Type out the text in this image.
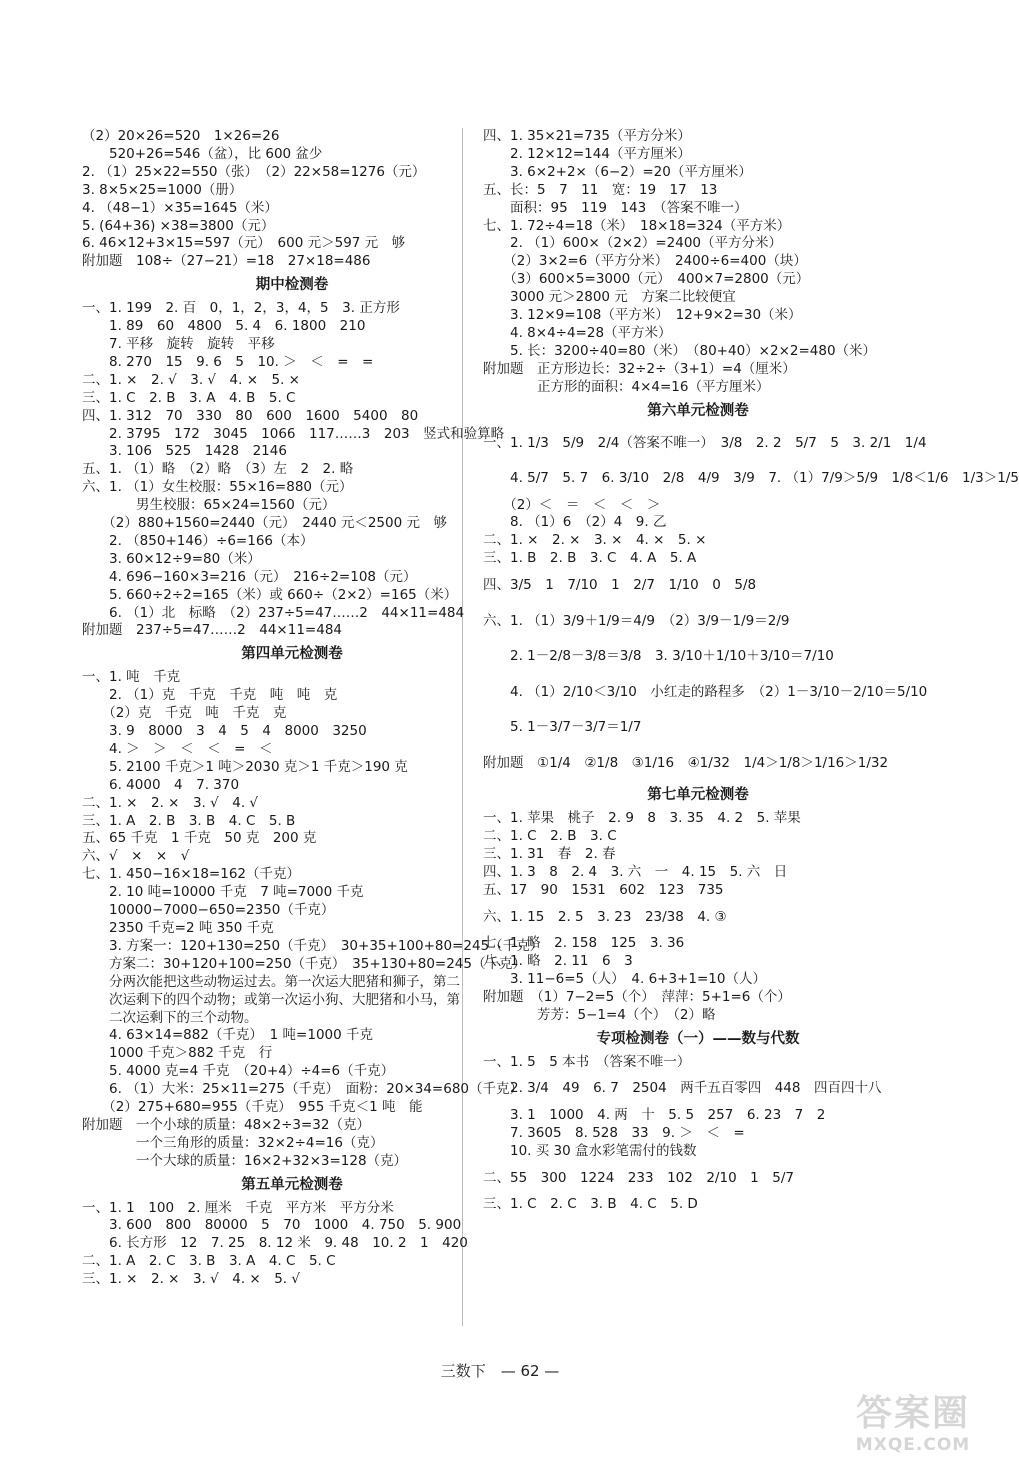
（2）20×26=520　1×26=26
　　520+26=546（盆），比 600 盆少
2. （1）25×22=550（张）　（2）22×58=1276（元）
3. 8×5×25=1000（册）
4. （48−1）×35=1645（米）
5. (64+36) ×38=3800（元）
6. 46×12+3×15=597（元）　600 元＞597 元　够
附加题　108÷（27−21）=18　27×18=486
期中检测卷
一、1. 199　2. 百　0，1，2，3，4，5　3. 正方形
　　1. 89　60　4800　5. 4　6. 1800　210
　　7. 平移　旋转　旋转　平移
　　8. 270　15　9. 6　5　10. ＞　＜　=　=
二、1. ×　2. √　3. √　4. ×　5. ×
三、1. C　2. B　3. A　4. B　5. C
四、1. 312　70　330　80　600　1600　5400　80
　　2. 3795　172　3045　1066　117……3　203　竖式和验算略
　　3. 106　525　1428　2146
五、1. （1）略　（2）略　（3）左　2　2. 略
六、1. （1）女生校服：55×16=880（元）
　　　　男生校服：65×24=1560（元）
　　（2）880+1560=2440（元）　2440 元＜2500 元　够
　　2. （850+146）÷6=166（本）
　　3. 60×12÷9=80（米）
　　4. 696−160×3=216（元）　216÷2=108（元）
　　5. 660÷2÷2=165（米）或 660÷（2×2）=165（米）
　　6. （1）北　标略　（2）237÷5=47……2　44×11=484
附加题　237÷5=47……2　44×11=484
第四单元检测卷
一、1. 吨　千克
　　2. （1）克　千克　千克　吨　吨　克
　　（2）克　千克　吨　千克　克
　　3. 9　8000　3　4　5　4　8000　3250
　　4. ＞　＞　＜　＜　=　＜
　　5. 2100 千克＞1 吨＞2030 克＞1 千克＞190 克
　　6. 4000　4　7. 370
二、1. ×　2. ×　3. √　4. √
三、1. A　2. B　3. B　4. C　5. B
五、65 千克　1 千克　50 克　200 克
六、√　×　×　√
七、1. 450−16×18=162（千克）
　　2. 10 吨=10000 千克　7 吨=7000 千克
　　10000−7000−650=2350（千克）
　　2350 千克=2 吨 350 千克
　　3. 方案一：120+130=250（千克）　30+35+100+80=245（千克）
　　方案二：30+120+100=250（千克）　35+130+80=245（千克）
　　分两次能把这些动物运过去。第一次运大肥猪和狮子，第二
　　次运剩下的四个动物；或第一次运小狗、大肥猪和小马，第
　　二次运剩下的三个动物。
　　4. 63×14=882（千克）　1 吨=1000 千克
　　1000 千克＞882 千克　行
　　5. 4000 克=4 千克　（20+4）÷4=6（千克）
　　6. （1）大米：25×11=275（千克）　面粉：20×34=680（千克）
　　（2）275+680=955（千克）　955 千克＜1 吨　能
附加题　一个小球的质量：48×2÷3=32（克）
　　　　一个三角形的质量：32×2÷4=16（克）
　　　　一个大球的质量：16×2+32×3=128（克）
第五单元检测卷
一、1. 1　100　2. 厘米　千克　平方米　平方分米
　　3. 600　800　80000　5　70　1000　4. 750　5. 900
　　6. 长方形　12　7. 25　8. 12 米　9. 48　10. 2　1　420
二、1. A　2. C　3. B　3. A　4. C　5. C
三、1. ×　2. ×　3. √　4. ×　5. √
四、1. 35×21=735（平方分米）
　　2. 12×12=144（平方厘米）
　　3. 6×2+2×（6−2）=20（平方厘米）
五、长：5　7　11　宽：19　17　13
　　面积：95　119　143　（答案不唯一）
七、1. 72÷4=18（米）　18×18=324（平方米）
　　2. （1）600×（2×2）=2400（平方分米）
　　（2）3×2=6（平方分米）　2400÷6=400（块）
　　（3）600×5=3000（元）　400×7=2800（元）
　　3000 元＞2800 元　方案二比较便宜
　　3. 12×9=108（平方米）　12+9×2=30（米）
　　4. 8×4÷4=28（平方米）
　　5. 长：3200÷40=80（米）　（80+40）×2×2=480（米）
附加题　正方形边长：32÷2÷（3+1）=4（厘米）
　　　　正方形的面积：4×4=16（平方厘米）
第六单元检测卷
一、1. 1/3　5/9　2/4（答案不唯一）　3/8　2. 2　5/7　5　3. 2/1　1/4
　　4. 5/7　5. 7　6. 3/10　2/8　4/9　3/9　7. （1）7/9＞5/9　1/8＜1/6　1/3＞1/5
　　（2）＜　＝　＜　＜　＞
　　8. （1）6　（2）4　9. 乙
二、1. ×　2. ×　3. ×　4. ×　5. ×
三、1. B　2. B　3. C　4. A　5. A
四、3/5　1　7/10　1　2/7　1/10　0　5/8
六、1. （1）3/9＋1/9＝4/9　（2）3/9－1/9＝2/9
　　2. 1－2/8－3/8＝3/8　3. 3/10＋1/10＋3/10＝7/10
　　4. （1）2/10＜3/10　小红走的路程多　（2）1－3/10－2/10＝5/10
　　5. 1－3/7－3/7＝1/7
附加题　①1/4　②1/8　③1/16　④1/32　1/4＞1/8＞1/16＞1/32
第七单元检测卷
一、1. 苹果　桃子　2. 9　8　3. 35　4. 2　5. 苹果
二、1. C　2. B　3. C
三、1. 31　春　2. 春
四、1. 3　8　2. 4　3. 六　一　4. 15　5. 六　日
五、17　90　1531　602　123　735
六、1. 15　2. 5　3. 23　23/38　4. ③
七、1. 略　2. 158　125　3. 36
八、1. 略　2. 11　6　3
　　3. 11−6=5（人）　4. 6+3+1=10（人）
附加题　（1）7−2=5（个）　萍萍：5+1=6（个）
　　　　芳芳：5−1=4（个）　（2）略
专项检测卷（一）——数与代数
一、1. 5　5 本书　（答案不唯一）
　　2. 3/4　49　6. 7　2504　两千五百零四　448　四百四十八
　　3. 1　1000　4. 两　十　5. 5　257　6. 23　7　2
　　7. 3605　8. 528　33　9. ＞　＜　=
　　10. 买 30 盒水彩笔需付的钱数
二、55　300　1224　233　102　2/10　1　5/7
三、1. C　2. C　3. B　4. C　5. D
三数下　— 62 —
答案圈
MXQE.COM
